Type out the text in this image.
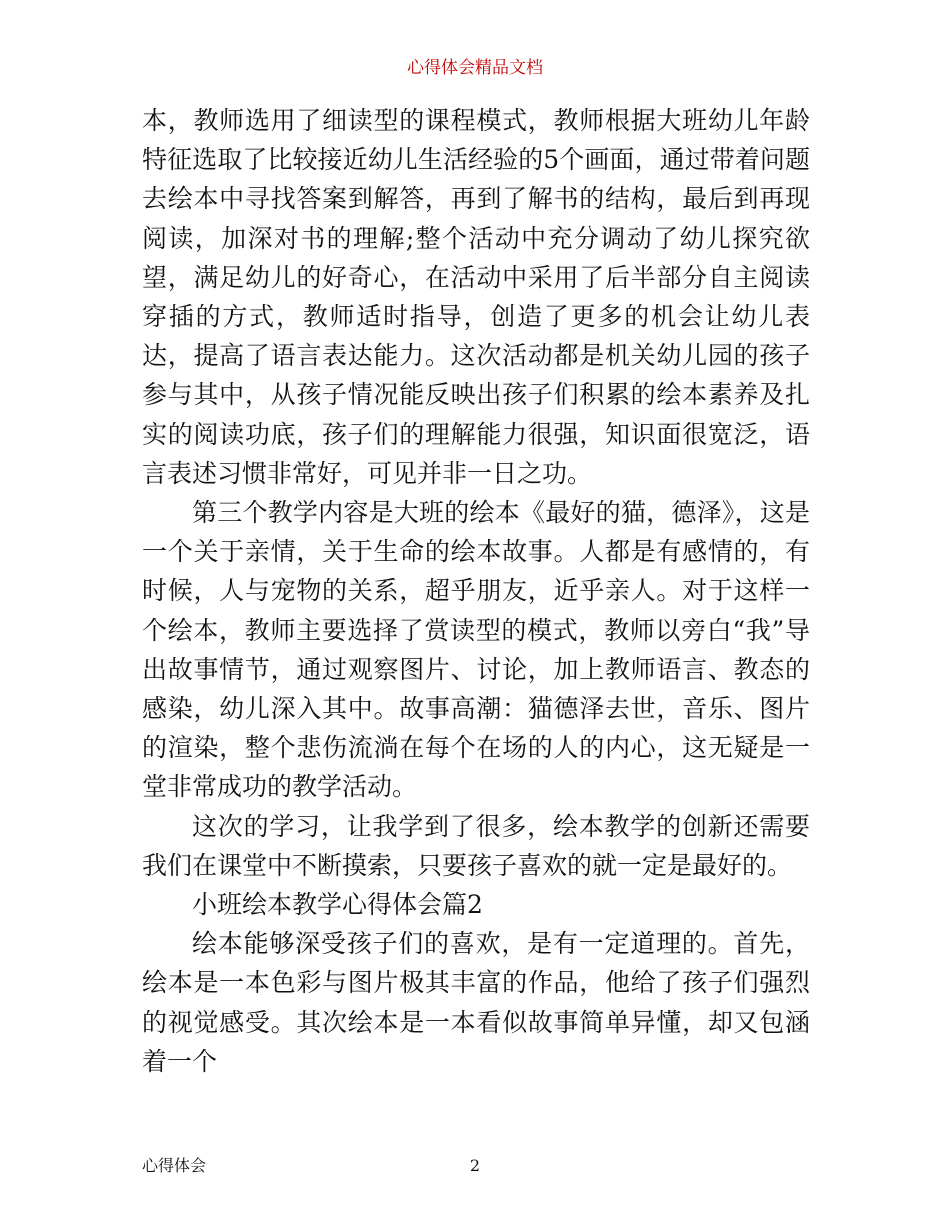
心得体会精品文档

本，教师选用了细读型的课程模式，教师根据大班幼儿年龄特征选取了比较接近幼儿生活经验的5个画面，通过带着问题去绘本中寻找答案到解答，再到了解书的结构，最后到再现阅读，加深对书的理解;整个活动中充分调动了幼儿探究欲望，满足幼儿的好奇心，在活动中采用了后半部分自主阅读穿插的方式，教师适时指导，创造了更多的机会让幼儿表达，提高了语言表达能力。这次活动都是机关幼儿园的孩子参与其中，从孩子情况能反映出孩子们积累的绘本素养及扎实的阅读功底，孩子们的理解能力很强，知识面很宽泛，语言表述习惯非常好，可见并非一日之功。

第三个教学内容是大班的绘本《最好的猫，德泽》，这是一个关于亲情，关于生命的绘本故事。人都是有感情的，有时候，人与宠物的关系，超乎朋友，近乎亲人。对于这样一个绘本，教师主要选择了赏读型的模式，教师以旁白“我”导出故事情节，通过观察图片、讨论，加上教师语言、教态的感染，幼儿深入其中。故事高潮：猫德泽去世，音乐、图片的渲染，整个悲伤流淌在每个在场的人的内心，这无疑是一堂非常成功的教学活动。

这次的学习，让我学到了很多，绘本教学的创新还需要我们在课堂中不断摸索，只要孩子喜欢的就一定是最好的。

小班绘本教学心得体会篇2

绘本能够深受孩子们的喜欢，是有一定道理的。首先，绘本是一本色彩与图片极其丰富的作品，他给了孩子们强烈的视觉感受。其次绘本是一本看似故事简单异懂，却又包涵着一个

心得体会	2
